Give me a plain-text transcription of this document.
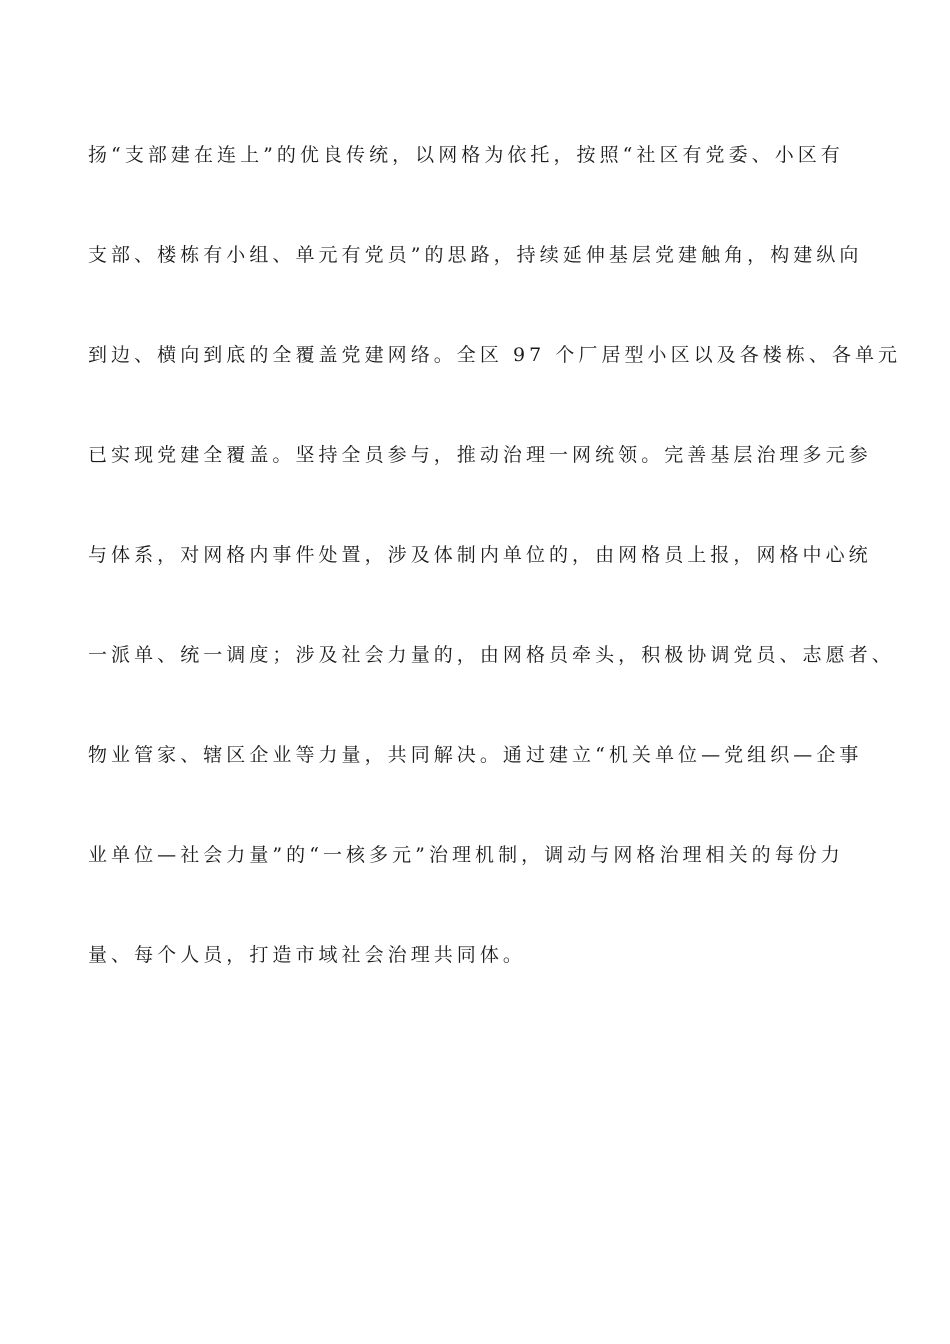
扬“支部建在连上”的优良传统，以网格为依托，按照“社区有党委、小区有
支部、楼栋有小组、单元有党员”的思路，持续延伸基层党建触角，构建纵向
到边、横向到底的全覆盖党建网络。全区 97 个厂居型小区以及各楼栋、各单元
已实现党建全覆盖。坚持全员参与，推动治理一网统领。完善基层治理多元参
与体系，对网格内事件处置，涉及体制内单位的，由网格员上报，网格中心统
一派单、统一调度；涉及社会力量的，由网格员牵头，积极协调党员、志愿者、
物业管家、辖区企业等力量，共同解决。通过建立“机关单位—党组织—企事
业单位—社会力量”的“一核多元”治理机制，调动与网格治理相关的每份力
量、每个人员，打造市域社会治理共同体。
